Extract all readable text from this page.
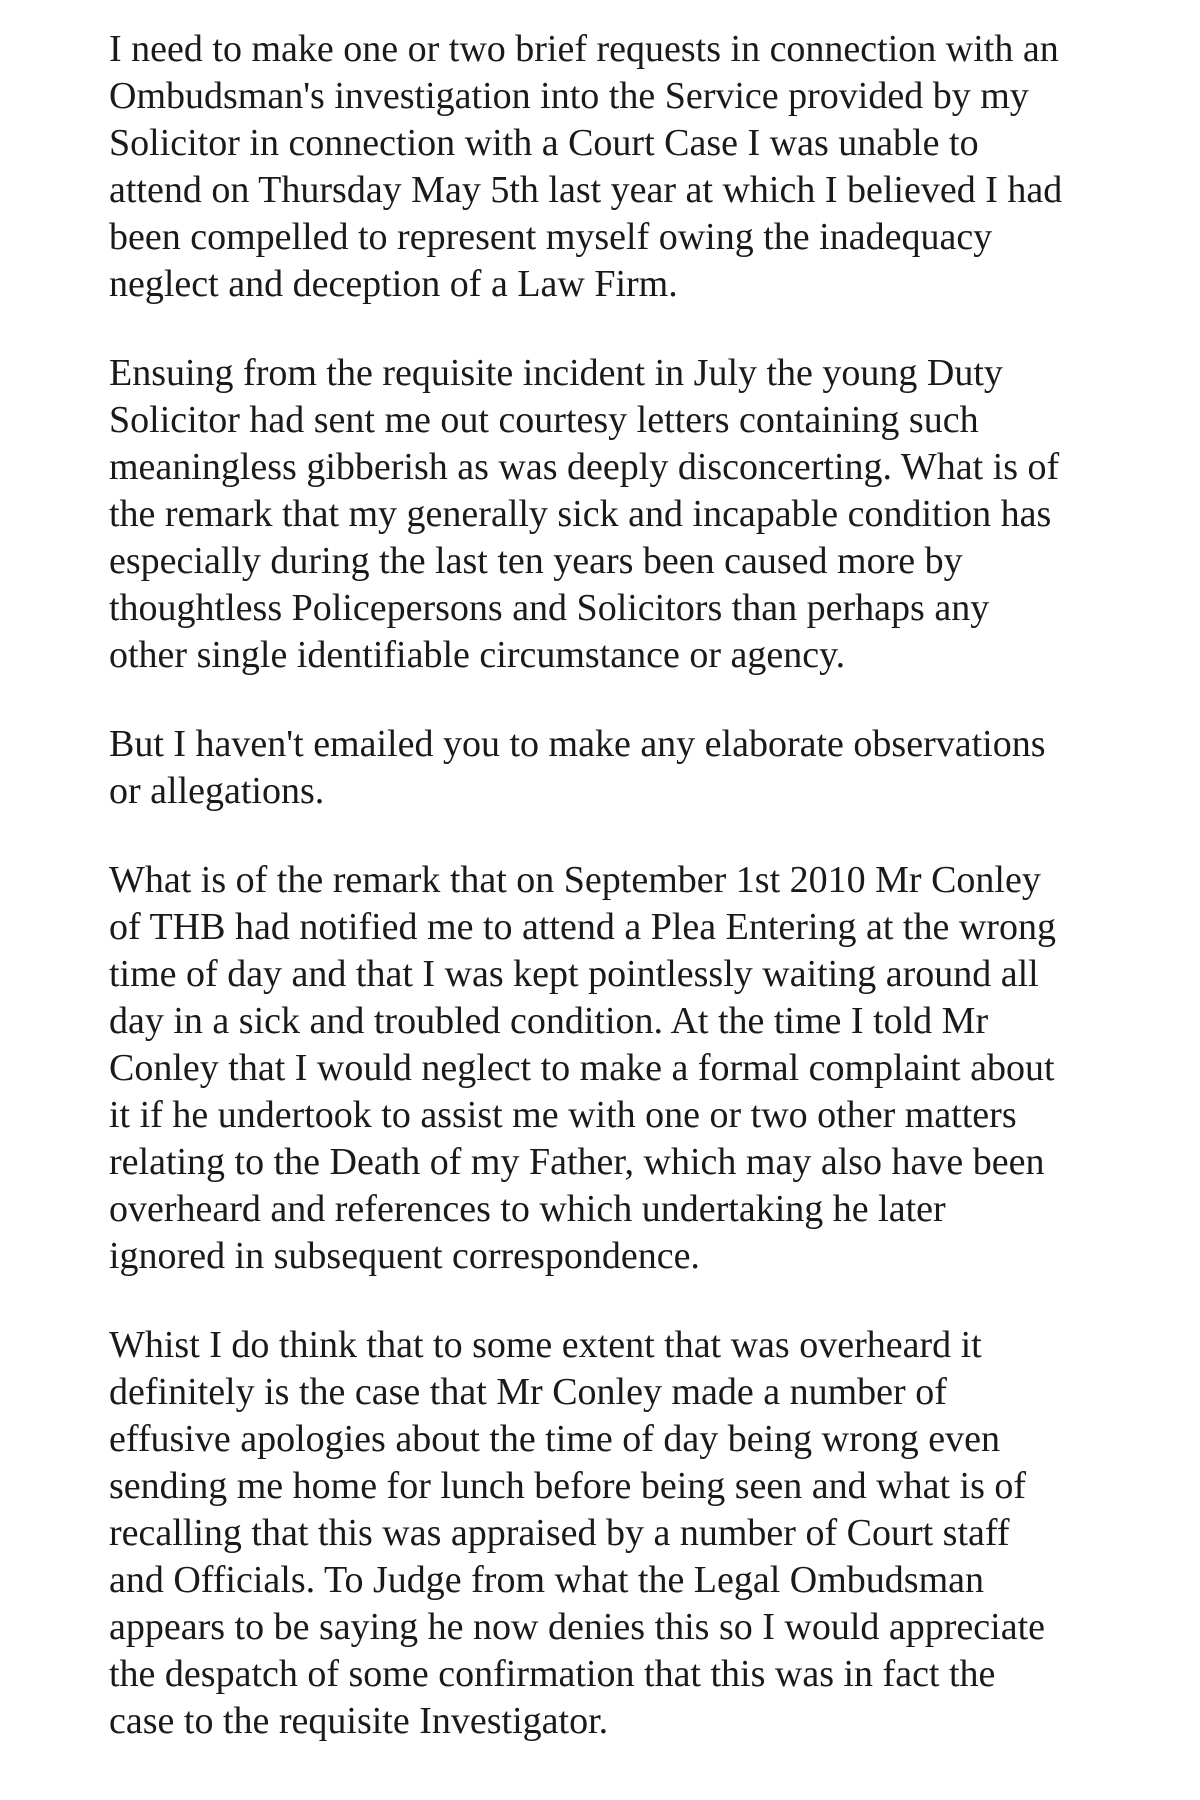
I need to make one or two brief requests in connection with an
Ombudsman's investigation into the Service provided by my
Solicitor in connection with a Court Case I was unable to
attend on Thursday May 5th last year at which I believed I had
been compelled to represent myself owing the inadequacy
neglect and deception of a Law Firm.

Ensuing from the requisite incident in July the young Duty
Solicitor had sent me out courtesy letters containing such
meaningless gibberish as was deeply disconcerting. What is of
the remark that my generally sick and incapable condition has
especially during the last ten years been caused more by
thoughtless Policepersons and Solicitors than perhaps any
other single identifiable circumstance or agency.

But I haven't emailed you to make any elaborate observations
or allegations.

What is of the remark that on September 1st 2010 Mr Conley
of THB had notified me to attend a Plea Entering at the wrong
time of day and that I was kept pointlessly waiting around all
day in a sick and troubled condition. At the time I told Mr
Conley that I would neglect to make a formal complaint about
it if he undertook to assist me with one or two other matters
relating to the Death of my Father, which may also have been
overheard and references to which undertaking he later
ignored in subsequent correspondence.

Whist I do think that to some extent that was overheard it
definitely is the case that Mr Conley made a number of
effusive apologies about the time of day being wrong even
sending me home for lunch before being seen and what is of
recalling that this was appraised by a number of Court staff
and Officials. To Judge from what the Legal Ombudsman
appears to be saying he now denies this so I would appreciate
the despatch of some confirmation that this was in fact the
case to the requisite Investigator.
